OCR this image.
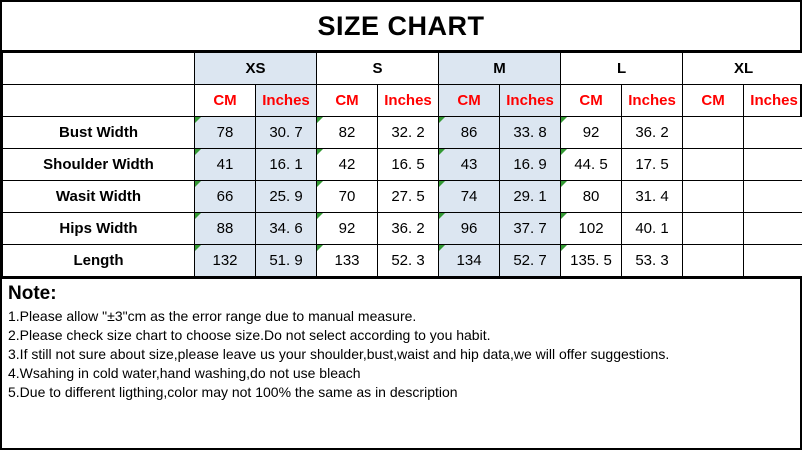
SIZE CHART
	XS		S		M		L		XL	
	CM	Inches	CM	Inches	CM	Inches	CM	Inches	CM	Inches
Bust Width	78	30. 7	82	32. 2	86	33. 8	92	36. 2		
Shoulder Width	41	16. 1	42	16. 5	43	16. 9	44. 5	17. 5		
Wasit Width	66	25. 9	70	27. 5	74	29. 1	80	31. 4		
Hips Width	88	34. 6	92	36. 2	96	37. 7	102	40. 1		
Length	132	51. 9	133	52. 3	134	52. 7	135. 5	53. 3		
Note:
1.Please allow "±3"cm as the error range due to manual measure.
2.Please check size chart to choose size.Do not select according to you habit.
3.If still not sure about size,please leave us your shoulder,bust,waist and hip data,we will offer suggestions.
4.Wsahing in cold water,hand washing,do not use bleach
5.Due to different ligthing,color may not 100% the same as in description
